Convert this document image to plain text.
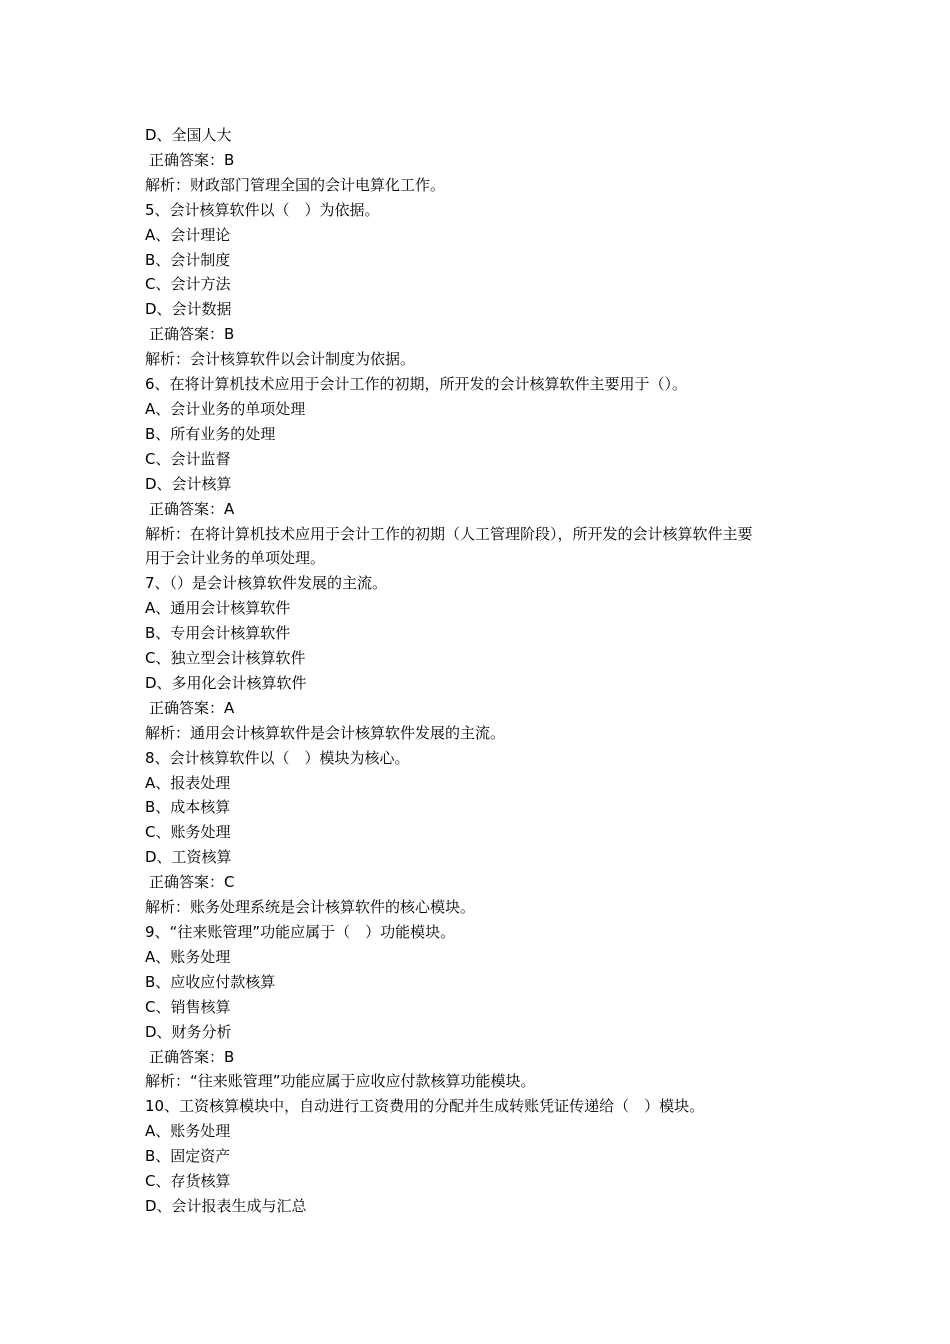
D、全国人大
正确答案：B
解析：财政部门管理全国的会计电算化工作。
5、会计核算软件以（　）为依据。
A、会计理论
B、会计制度
C、会计方法
D、会计数据
正确答案：B
解析：会计核算软件以会计制度为依据。
6、在将计算机技术应用于会计工作的初期，所开发的会计核算软件主要用于（）。
A、会计业务的单项处理
B、所有业务的处理
C、会计监督
D、会计核算
正确答案：A
解析：在将计算机技术应用于会计工作的初期（人工管理阶段），所开发的会计核算软件主要
用于会计业务的单项处理。
7、（）是会计核算软件发展的主流。
A、通用会计核算软件
B、专用会计核算软件
C、独立型会计核算软件
D、多用化会计核算软件
正确答案：A
解析：通用会计核算软件是会计核算软件发展的主流。
8、会计核算软件以（　）模块为核心。
A、报表处理
B、成本核算
C、账务处理
D、工资核算
正确答案：C
解析：账务处理系统是会计核算软件的核心模块。
9、“往来账管理”功能应属于（　）功能模块。
A、账务处理
B、应收应付款核算
C、销售核算
D、财务分析
正确答案：B
解析：“往来账管理”功能应属于应收应付款核算功能模块。
10、工资核算模块中，自动进行工资费用的分配并生成转账凭证传递给（　）模块。
A、账务处理
B、固定资产
C、存货核算
D、会计报表生成与汇总
